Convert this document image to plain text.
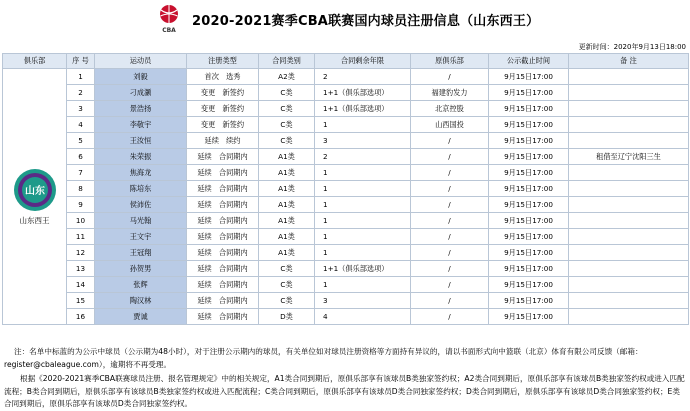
CBA
2020-2021赛季CBA联赛国内球员注册信息（山东西王）
更新时间：2020年9月13日18:00
俱乐部	序 号	运动员	注册类型	合同类别	合同剩余年限	原俱乐部	公示截止时间	备 注

山东
山东西王	1	刘毅	首次　选秀	A2类	2	/	9月15日17:00	
	2	刁成灏	变更　新签约	C类	1+1（俱乐部选项）	福建豹发力	9月15日17:00	
	3	景浩扬	变更　新签约	C类	1+1（俱乐部选项）	北京控股	9月15日17:00	
	4	李敬宇	变更　新签约	C类	1	山西国投	9月15日17:00	
	5	王汝恒	延续　续约	C类	3	/	9月15日17:00	
	6	朱荣振	延续　合同期内	A1类	2	/	9月15日17:00	租借至辽宁沈阳三生
	7	焦海龙	延续　合同期内	A1类	1	/	9月15日17:00	
	8	陈培东	延续　合同期内	A1类	1	/	9月15日17:00	
	9	侯沛佐	延续　合同期内	A1类	1	/	9月15日17:00	
	10	马光翰	延续　合同期内	A1类	1	/	9月15日17:00	
	11	王文宇	延续　合同期内	A1类	1	/	9月15日17:00	
	12	王冠翔	延续　合同期内	A1类	1	/	9月15日17:00	
	13	孙贺男	延续　合同期内	C类	1+1（俱乐部选项）	/	9月15日17:00	
	14	张辉	延续　合同期内	C类	1	/	9月15日17:00	
	15	陶汉林	延续　合同期内	C类	3	/	9月15日17:00	
	16	贾诚	延续　合同期内	D类	4	/	9月15日17:00	

注：名单中标蓝的为公示中球员（公示期为48小时），对于注册公示期内的球员，有关单位如对球员注册资格等方面持有异议的，请以书面形式向中篮联（北京）体育有限公司反馈（邮箱：register@cbaleague.com），逾期将不再受理。

根据《2020-2021赛季CBA联赛球员注册、报名管理规定》中的相关规定，A1类合同到期后，原俱乐部享有该球员B类独家签约权；A2类合同到期后，原俱乐部享有该球员B类独家签约权或进入匹配流程；B类合同到期后，原俱乐部享有该球员B类独家签约权或进入匹配流程；C类合同到期后，原俱乐部享有该球员D类合同独家签约权；D类合同到期后，原俱乐部享有该球员D类合同独家签约权；E类合同到期后，原俱乐部享有该球员D类合同独家签约权。
